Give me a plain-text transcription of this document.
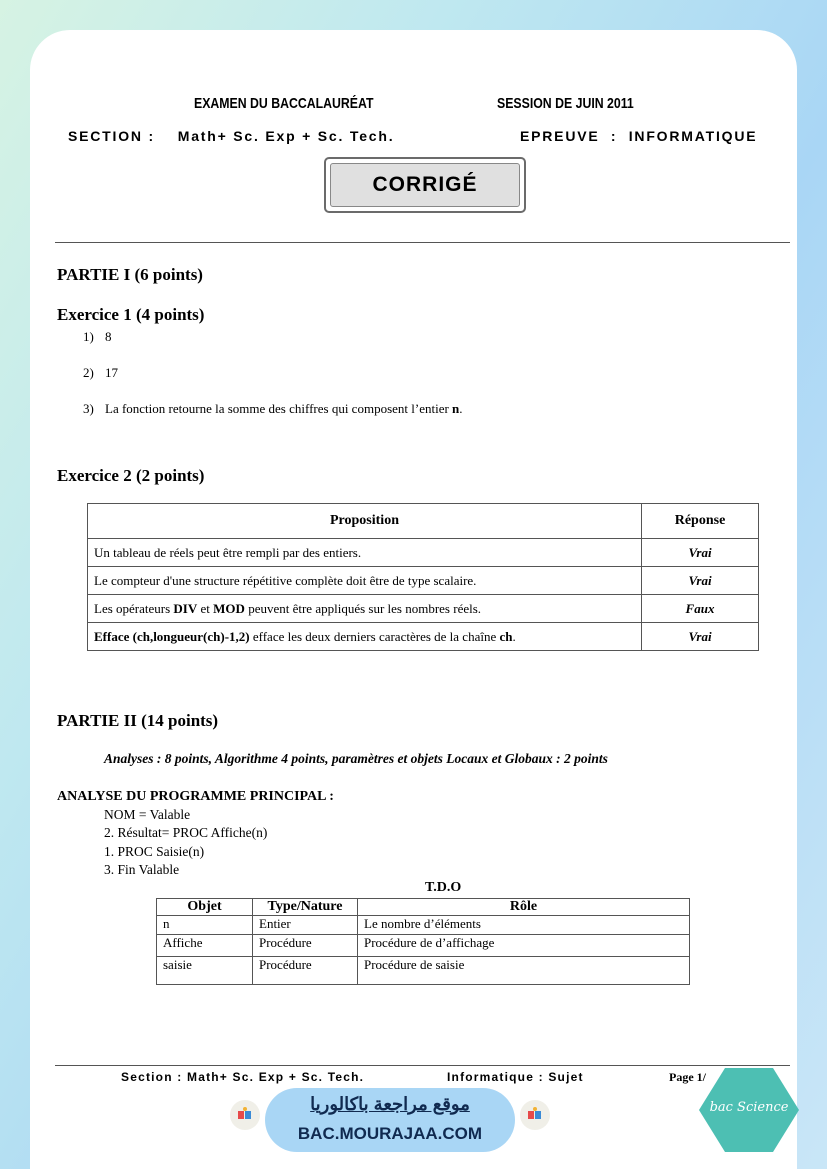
EXAMEN DU BACCALAURÉAT	SESSION DE JUIN 2011
SECTION :    Math+ Sc. Exp + Sc. Tech.	EPREUVE  :  INFORMATIQUE
CORRIGÉ
PARTIE I (6 points)
Exercice 1 (4 points)
1) 8
2) 17
3) La fonction retourne la somme des chiffres qui composent l’entier n.
Exercice 2 (2 points)
Proposition	Réponse
Un tableau de réels peut être rempli par des entiers.	Vrai
Le compteur d'une structure répétitive complète doit être de type scalaire.	Vrai
Les opérateurs DIV et MOD peuvent être appliqués sur les nombres réels.	Faux
Efface (ch,longueur(ch)-1,2) efface les deux derniers caractères de la chaîne ch.	Vrai
PARTIE II (14 points)
Analyses : 8 points, Algorithme 4 points, paramètres et objets Locaux et Globaux : 2 points
ANALYSE DU PROGRAMME PRINCIPAL :
NOM = Valable
2. Résultat= PROC Affiche(n)
1. PROC Saisie(n)
3. Fin Valable
T.D.O
Objet	Type/Nature	Rôle
n	Entier	Le nombre d’éléments
Affiche	Procédure	Procédure de d’affichage
saisie	Procédure	Procédure de saisie
Section : Math+ Sc. Exp + Sc. Tech.	Informatique : Sujet	Page 1/
موقع مراجعة باكالوريا
BAC.MOURAJAA.COM
bac Science
